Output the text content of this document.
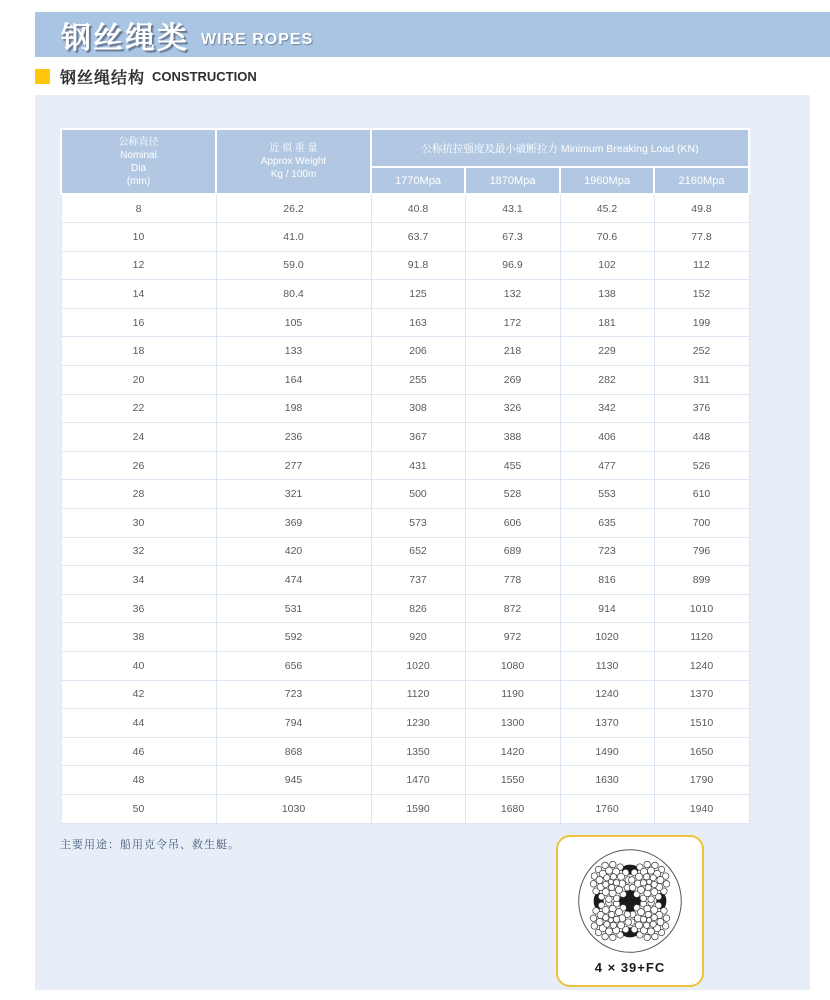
钢丝绳类 WIRE ROPES
钢丝绳结构 CONSTRUCTION
公称直径
Nominal
Dia
(mm)	近 似 重 量
Approx Weight
Kg / 100m	公称抗拉强度及最小破断拉力 Minimum Breaking Load (KN)			
		1770Mpa	1870Mpa	1960Mpa	2160Mpa
8	26.2	40.8	43.1	45.2	49.8
10	41.0	63.7	67.3	70.6	77.8
12	59.0	91.8	96.9	102	112
14	80.4	125	132	138	152
16	105	163	172	181	199
18	133	206	218	229	252
20	164	255	269	282	311
22	198	308	326	342	376
24	236	367	388	406	448
26	277	431	455	477	526
28	321	500	528	553	610
30	369	573	606	635	700
32	420	652	689	723	796
34	474	737	778	816	899
36	531	826	872	914	1010
38	592	920	972	1020	1120
40	656	1020	1080	1130	1240
42	723	1120	1190	1240	1370
44	794	1230	1300	1370	1510
46	868	1350	1420	1490	1650
48	945	1470	1550	1630	1790
50	1030	1590	1680	1760	1940
主要用途：船用克令吊、救生艇。
4 × 39+FC
